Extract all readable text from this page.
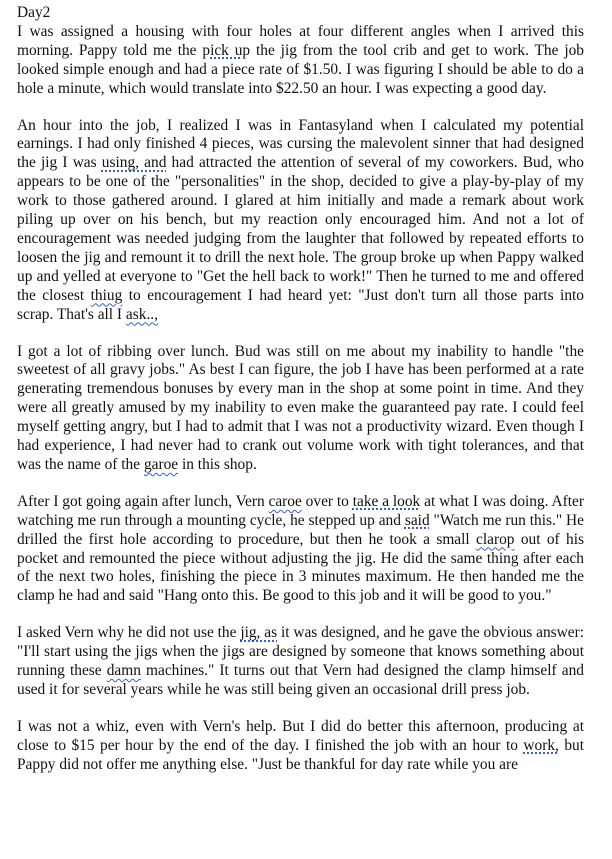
Day2

I was assigned a housing with four holes at four different angles when I arrived this morning. Pappy told me the pick up the jig from the tool crib and get to work. The job looked simple enough and had a piece rate of $1.50. I was figuring I should be able to do a hole a minute, which would translate into $22.50 an hour. I was expecting a good day.

An hour into the job, I realized I was in Fantasyland when I calculated my potential earnings. I had only finished 4 pieces, was cursing the malevolent sinner that had designed the jig I was using, and had attracted the attention of several of my coworkers. Bud, who appears to be one of the "personalities" in the shop, decided to give a play-by-play of my work to those gathered around. I glared at him initially and made a remark about work piling up over on his bench, but my reaction only encouraged him. And not a lot of encouragement was needed judging from the laughter that followed by repeated efforts to loosen the jig and remount it to drill the next hole. The group broke up when Pappy walked up and yelled at everyone to "Get the hell back to work!" Then he turned to me and offered the closest thiug to encouragement I had heard yet: "Just don't turn all those parts into scrap. That's all I ask..,

I got a lot of ribbing over lunch. Bud was still on me about my inability to handle "the sweetest of all gravy jobs." As best I can figure, the job I have has been performed at a rate generating tremendous bonuses by every man in the shop at some point in time. And they were all greatly amused by my inability to even make the guaranteed pay rate. I could feel myself getting angry, but I had to admit that I was not a productivity wizard. Even though I had experience, I had never had to crank out volume work with tight tolerances, and that was the name of the garoe in this shop.

After I got going again after lunch, Vern caroe over to take a look at what I was doing. After watching me run through a mounting cycle, he stepped up and said "Watch me run this." He drilled the first hole according to procedure, but then he took a small clarop out of his pocket and remounted the piece without adjusting the jig. He did the same thing after each of the next two holes, finishing the piece in 3 minutes maximum. He then handed me the clamp he had and said "Hang onto this. Be good to this job and it will be good to you."

I asked Vern why he did not use the jig, as it was designed, and he gave the obvious answer: "I'll start using the jigs when the jigs are designed by someone that knows something about running these damn machines." It turns out that Vern had designed the clamp himself and used it for several years while he was still being given an occasional drill press job.

I was not a whiz, even with Vern's help. But I did do better this afternoon, producing at close to $15 per hour by the end of the day. I finished the job with an hour to work, but Pappy did not offer me anything else. "Just be thankful for day rate while you are
